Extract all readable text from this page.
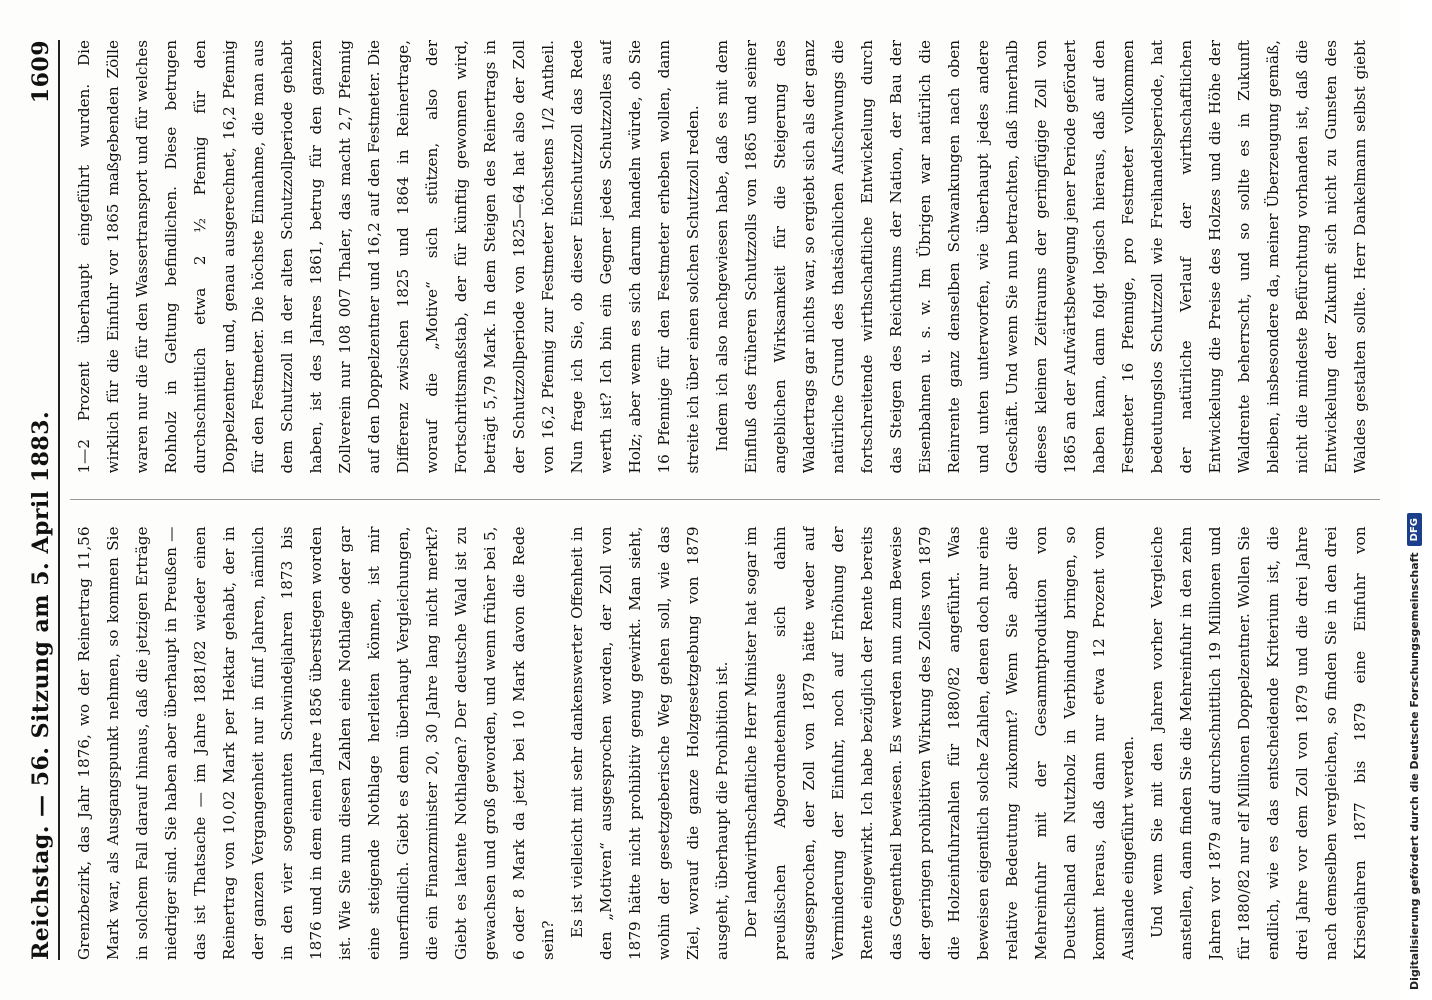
Reichstag. — 56. Sitzung am 5. April 1883.
1609

Grenzbezirk, das Jahr 1876, wo der Reinertrag 11,56 Mark war, als Ausgangspunkt nehmen, so kommen Sie in solchem Fall darauf hinaus, daß die jetzigen Erträge niedriger sind. Sie haben aber überhaupt in Preußen — das ist Thatsache — im Jahre 1881/82 wieder einen Reinertrag von 10,02 Mark per Hektar gehabt, der in der ganzen Vergangenheit nur in fünf Jahren, nämlich in den vier sogenannten Schwindeljahren 1873 bis 1876 und in dem einen Jahre 1856 überstiegen worden ist. Wie Sie nun diesen Zahlen eine Nothlage oder gar eine steigende Nothlage herleiten können, ist mir unerfindlich. Giebt es denn überhaupt Vergleichungen, die ein Finanzminister 20, 30 Jahre lang nicht merkt? Giebt es latente Nothlagen? Der deutsche Wald ist zu gewachsen und groß geworden, und wenn früher bei 5, 6 oder 8 Mark da jetzt bei 10 Mark davon die Rede sein?

Es ist vielleicht mit sehr dankenswerter Offenheit in den „Motiven“ ausgesprochen worden, der Zoll von 1879 hätte nicht prohibitiv genug gewirkt. Man sieht, wohin der gesetzgeberische Weg gehen soll, wie das Ziel, worauf die ganze Holzgesetzgebung von 1879 ausgeht, überhaupt die Prohibition ist. Der landwirthschaftliche Herr Minister hat sogar im preußischen Abgeordnetenhause sich dahin ausgesprochen, der Zoll von 1879 hätte weder auf Verminderung der Einfuhr, noch auf Erhöhung der Rente eingewirkt. Ich habe bezüglich der Rente bereits das Gegentheil bewiesen. Es werden nun zum Beweise der geringen prohibitiven Wirkung des Zolles von 1879 die Holzeinfuhrzahlen für 1880/82 angeführt. Was beweisen eigentlich solche Zahlen, denen doch nur eine relative Bedeutung zukommt? Wenn Sie aber die Mehreinfuhr mit der Gesammtproduktion von Deutschland an Nutzholz in Verbindung bringen, so kommt heraus, daß dann nur etwa 12 Prozent vom Auslande eingeführt werden. Und wenn Sie mit den Jahren vorher Vergleiche anstellen, dann finden Sie die Mehreinfuhr in den zehn Jahren vor 1879 auf durchschnittlich 19 Millionen und für 1880/82 nur elf Millionen Doppelzentner. Wollen Sie endlich, wie es das entscheidende Kriterium ist, die drei Jahre vor dem Zoll von 1879 und die drei Jahre nach demselben vergleichen, so finden Sie in den drei Krisenjahren 1877 bis 1879 eine Einfuhr von

1—2 Prozent überhaupt eingeführt wurden. Die wirklich für die Einfuhr vor 1865 maßgebenden Zölle waren nur die für den Wassertransport und für welches Rohholz in Geltung befindlichen. Diese betrugen durchschnittlich etwa 2 ½ Pfennig für den Doppelzentner und, genau ausgerechnet, 16,2 Pfennig für den Festmeter. Die höchste Einnahme, die man aus dem Schutzzoll in der alten Schutzzollperiode gehabt haben, ist des Jahres 1861, betrug für den ganzen Zollverein nur 108 007 Thaler, das macht 2,7 Pfennig auf den Doppelzentner und 16,2 auf den Festmeter. Die Differenz zwischen 1825 und 1864 in Reinertrage, worauf die „Motive“ sich stützen, also der Fortschrittsmaßstab, der für künftig gewonnen wird, beträgt 5,79 Mark. In dem Steigen des Reinertrags in der Schutzzollperiode von 1825—64 hat also der Zoll von 16,2 Pfennig zur Festmeter höchstens 1/2 Antheil. Nun frage ich Sie, ob dieser Einschutzzoll das Rede werth ist? Ich bin ein Gegner jedes Schutzzolles auf Holz; aber wenn es sich darum handeln würde, ob Sie 16 Pfennige für den Festmeter erheben wollen, dann streite ich über einen solchen Schutzzoll reden. Indem ich also nachgewiesen habe, daß es mit dem Einfluß des früheren Schutzzolls von 1865 und seiner angeblichen Wirksamkeit für die Steigerung des Waldertrags gar nichts war, so ergiebt sich als der ganz natürliche Grund des thatsächlichen Aufschwungs die fortschreitende wirthschaftliche Entwickelung durch das Steigen des Reichthums der Nation, der Bau der Eisenbahnen u. s. w. Im Übrigen war natürlich die Reinrente ganz denselben Schwankungen nach oben und unten unterworfen, wie überhaupt jedes andere Geschäft. Und wenn Sie nun betrachten, daß innerhalb dieses kleinen Zeitraums der geringfügige Zoll von 1865 an der Aufwärtsbewegung jener Periode gefördert haben kann, dann folgt logisch hieraus, daß auf den Festmeter 16 Pfennige, pro Festmeter vollkommen bedeutungslos Schutzzoll wie Freihandelsperiode, hat der natürliche Verlauf der wirthschaftlichen Entwickelung die Preise des Holzes und die Höhe der Waldrente beherrscht, und so sollte es in Zukunft bleiben, insbesondere da, meiner Überzeugung gemäß, nicht die mindeste Befürchtung vorhanden ist, daß die Entwickelung der Zukunft sich nicht zu Gunsten des Waldes gestalten sollte. Herr Dankelmann selbst giebt

Digitalisierung gefördert durch die Deutsche Forschungsgemeinschaft
DFG
